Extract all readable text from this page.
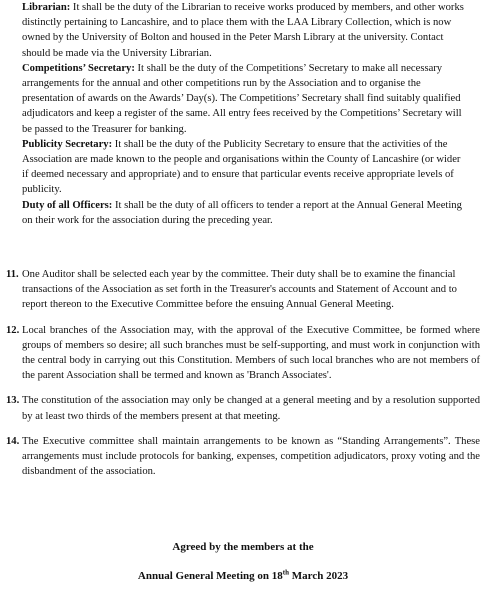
Librarian: It shall be the duty of the Librarian to receive works produced by members, and other works distinctly pertaining to Lancashire, and to place them with the LAA Library Collection, which is now owned by the University of Bolton and housed in the Peter Marsh Library at the university. Contact should be made via the University Librarian.

Competitions’ Secretary: It shall be the duty of the Competitions’ Secretary to make all necessary arrangements for the annual and other competitions run by the Association and to organise the presentation of awards on the Awards’ Day(s). The Competitions’ Secretary shall find suitably qualified adjudicators and keep a register of the same. All entry fees received by the Competitions’ Secretary will be passed to the Treasurer for banking.

Publicity Secretary: It shall be the duty of the Publicity Secretary to ensure that the activities of the Association are made known to the people and organisations within the County of Lancashire (or wider if deemed necessary and appropriate) and to ensure that particular events receive appropriate levels of publicity.

Duty of all Officers: It shall be the duty of all officers to tender a report at the Annual General Meeting on their work for the association during the preceding year.

11. One Auditor shall be selected each year by the committee. Their duty shall be to examine the financial transactions of the Association as set forth in the Treasurer's accounts and Statement of Account and to report thereon to the Executive Committee before the ensuing Annual General Meeting.
12. Local branches of the Association may, with the approval of the Executive Committee, be formed where groups of members so desire; all such branches must be self-supporting, and must work in conjunction with the central body in carrying out this Constitution. Members of such local branches who are not members of the parent Association shall be termed and known as 'Branch Associates'.
13. The constitution of the association may only be changed at a general meeting and by a resolution supported by at least two thirds of the members present at that meeting.
14. The Executive committee shall maintain arrangements to be known as “Standing Arrangements”. These arrangements must include protocols for banking, expenses, competition adjudicators, proxy voting and the disbandment of the association.
Agreed by the members at the
Annual General Meeting on 18th March 2023
